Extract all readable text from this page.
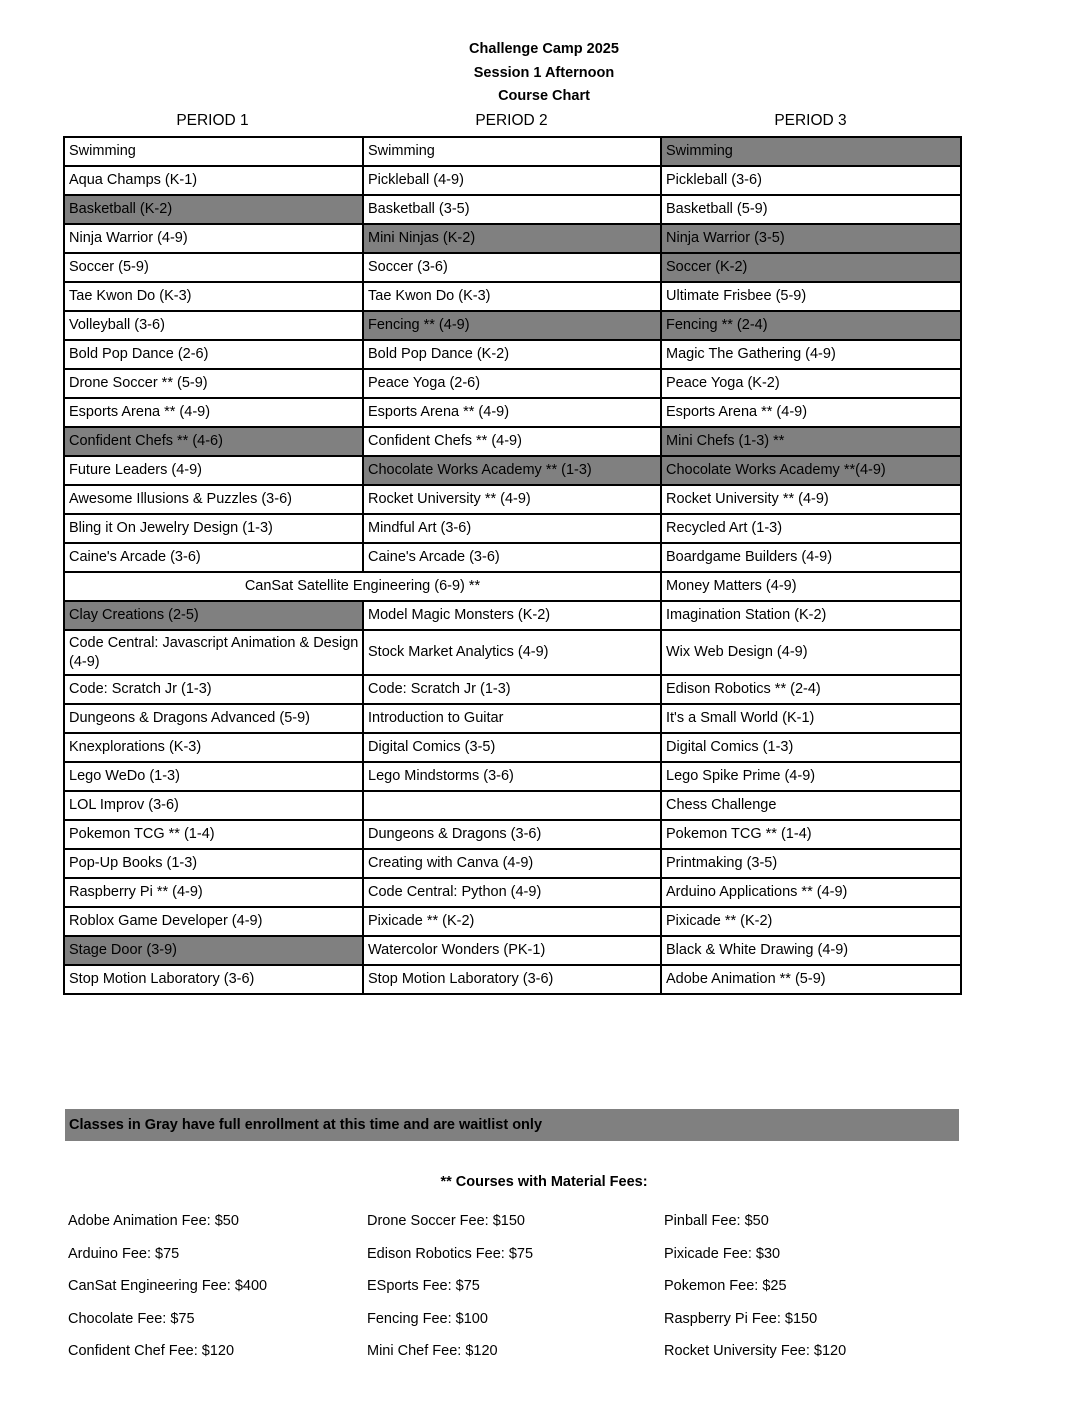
Challenge Camp 2025
Session 1 Afternoon
Course Chart
PERIOD 1	PERIOD 2	PERIOD 3
Swimming	Swimming	Swimming
Aqua Champs (K-1)	Pickleball (4-9)	Pickleball (3-6)
Basketball (K-2)	Basketball (3-5)	Basketball (5-9)
Ninja Warrior (4-9)	Mini Ninjas (K-2)	Ninja Warrior (3-5)
Soccer (5-9)	Soccer (3-6)	Soccer (K-2)
Tae Kwon Do (K-3)	Tae Kwon Do (K-3)	Ultimate Frisbee (5-9)
Volleyball (3-6)	Fencing ** (4-9)	Fencing ** (2-4)
Bold Pop Dance (2-6)	Bold Pop Dance (K-2)	Magic The Gathering (4-9)
Drone Soccer ** (5-9)	Peace Yoga (2-6)	Peace Yoga (K-2)
Esports Arena ** (4-9)	Esports Arena ** (4-9)	Esports Arena ** (4-9)
Confident Chefs ** (4-6)	Confident Chefs ** (4-9)	Mini Chefs (1-3) **
Future Leaders (4-9)	Chocolate Works Academy ** (1-3)	Chocolate Works Academy **(4-9)
Awesome Illusions & Puzzles (3-6)	Rocket University ** (4-9)	Rocket University ** (4-9)
Bling it On Jewelry Design (1-3)	Mindful Art (3-6)	Recycled Art (1-3)
Caine's Arcade (3-6)	Caine's Arcade (3-6)	Boardgame Builders (4-9)
CanSat Satellite Engineering (6-9) **		Money Matters (4-9)
Clay Creations (2-5)	Model Magic Monsters (K-2)	Imagination Station (K-2)
Code Central: Javascript Animation & Design (4-9)	Stock Market Analytics (4-9)	Wix Web Design (4-9)
Code: Scratch Jr (1-3)	Code: Scratch Jr (1-3)	Edison Robotics ** (2-4)
Dungeons & Dragons Advanced (5-9)	Introduction to Guitar	It's a Small World (K-1)
Knexplorations (K-3)	Digital Comics (3-5)	Digital Comics (1-3)
Lego WeDo (1-3)	Lego Mindstorms (3-6)	Lego Spike Prime (4-9)
LOL Improv (3-6)		Chess Challenge
Pokemon TCG ** (1-4)	Dungeons & Dragons (3-6)	Pokemon TCG ** (1-4)
Pop-Up Books (1-3)	Creating with Canva (4-9)	Printmaking (3-5)
Raspberry Pi ** (4-9)	Code Central: Python (4-9)	Arduino Applications ** (4-9)
Roblox Game Developer (4-9)	Pixicade ** (K-2)	Pixicade ** (K-2)
Stage Door (3-9)	Watercolor Wonders (PK-1)	Black & White Drawing (4-9)
Stop Motion Laboratory (3-6)	Stop Motion Laboratory (3-6)	Adobe Animation ** (5-9)
Classes in Gray have full enrollment at this time and are waitlist only
** Courses with Material Fees:
Adobe Animation Fee: $50	Drone Soccer Fee: $150	Pinball Fee: $50
Arduino Fee: $75	Edison Robotics Fee: $75	Pixicade Fee: $30
CanSat Engineering Fee: $400	ESports Fee: $75	Pokemon Fee: $25
Chocolate Fee: $75	Fencing Fee: $100	Raspberry Pi Fee: $150
Confident Chef Fee: $120	Mini Chef Fee: $120	Rocket University Fee: $120
